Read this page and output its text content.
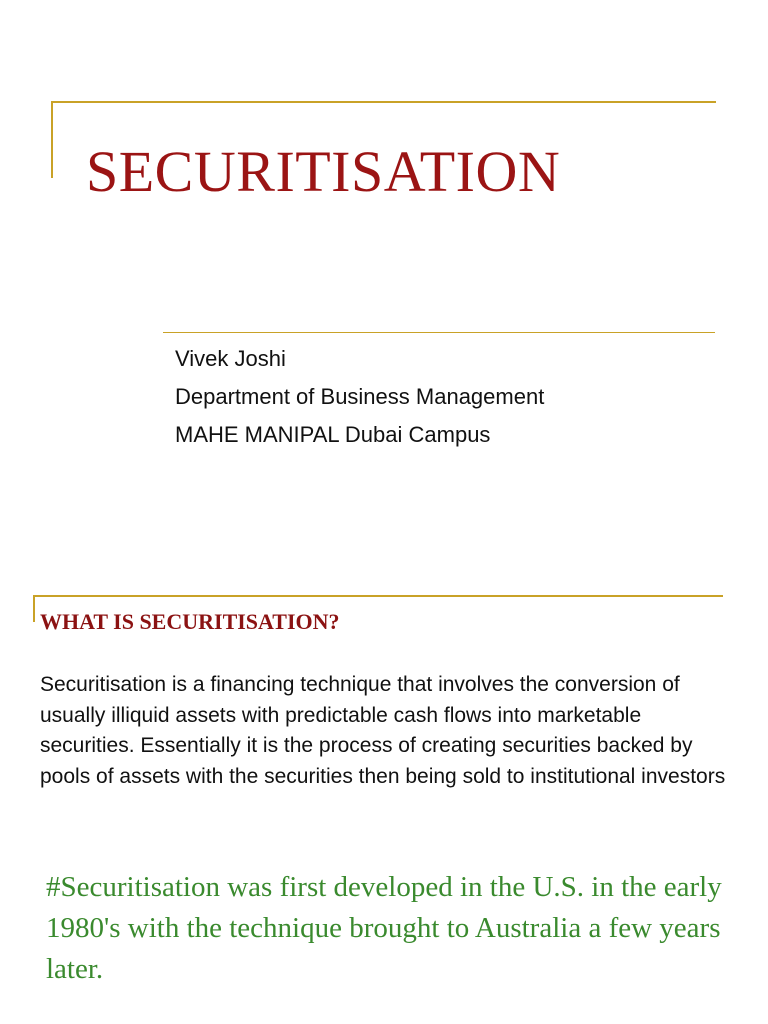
SECURITISATION
Vivek Joshi
Department of Business Management
MAHE MANIPAL Dubai Campus
WHAT IS SECURITISATION?

Securitisation is a financing technique that involves the conversion of usually illiquid assets with predictable cash flows into marketable securities. Essentially it is the process of creating securities backed by pools of assets with the securities then being sold to institutional investors

#Securitisation was first developed in the U.S. in the early 1980's with the technique brought to Australia a few years later.
